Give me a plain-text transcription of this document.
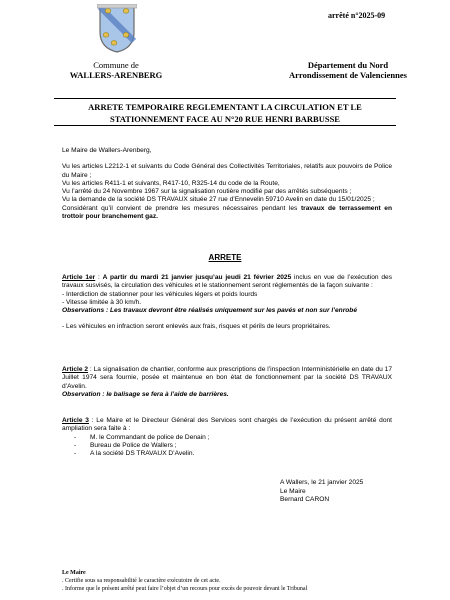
arrêté n°2025-09
Commune de
WALLERS-ARENBERG
Département du Nord
Arrondissement de Valenciennes
ARRETE TEMPORAIRE REGLEMENTANT LA CIRCULATION ET LE
STATIONNEMENT FACE AU N°20 RUE HENRI BARBUSSE
Le Maire de Wallers-Arenberg,
Vu les articles L2212-1 et suivants du Code Général des Collectivités Territoriales, relatifs aux pouvoirs de Police du Maire ;
Vu les articles R411-1 et suivants, R417-10, R325-14 du code de la Route,
Vu l’arrêté du 24 Novembre 1967 sur la signalisation routière modifié par des arrêtés subséquents ;
Vu la demande de la société DS TRAVAUX située 27 rue d’Ennevelin 59710 Avelin en date du 15/01/2025 ;
Considérant qu’il convient de prendre les mesures nécessaires pendant les travaux de terrassement en trottoir pour branchement gaz.
ARRETE
Article 1er : A partir du mardi 21 janvier jusqu’au jeudi 21 février 2025 inclus en vue de l’exécution des travaux susvisés, la circulation des véhicules et le stationnement seront réglementés de la façon suivante :
- Interdiction de stationner pour les véhicules légers et poids lourds
- Vitesse limitée à 30 km/h.
Observations : Les travaux devront être réalisés uniquement sur les pavés et non sur l’enrobé
- Les véhicules en infraction seront enlevés aux frais, risques et périls de leurs propriétaires.
Article 2 : La signalisation de chantier, conforme aux prescriptions de l’inspection Interministérielle en date du 17 Juillet 1974 sera fournie, posée et maintenue en bon état de fonctionnement par la société DS TRAVAUX d’Avelin.
Observation : le balisage se fera à l’aide de barrières.
Article 3 : Le Maire et le Directeur Général des Services sont chargés de l’exécution du présent arrêté dont ampliation sera faite à :
- M. le Commandant de police de Denain ;
- Bureau de Police de Wallers ;
- A la société DS TRAVAUX D’Avelin.
A Wallers, le 21 janvier 2025
Le Maire
Bernard CARON
Le Maire
. Certifie sous sa responsabilité le caractère exécutoire de cet acte.
. Informe que le présent arrêté peut faire l’objet d’un recours pour excès de pouvoir devant le Tribunal
